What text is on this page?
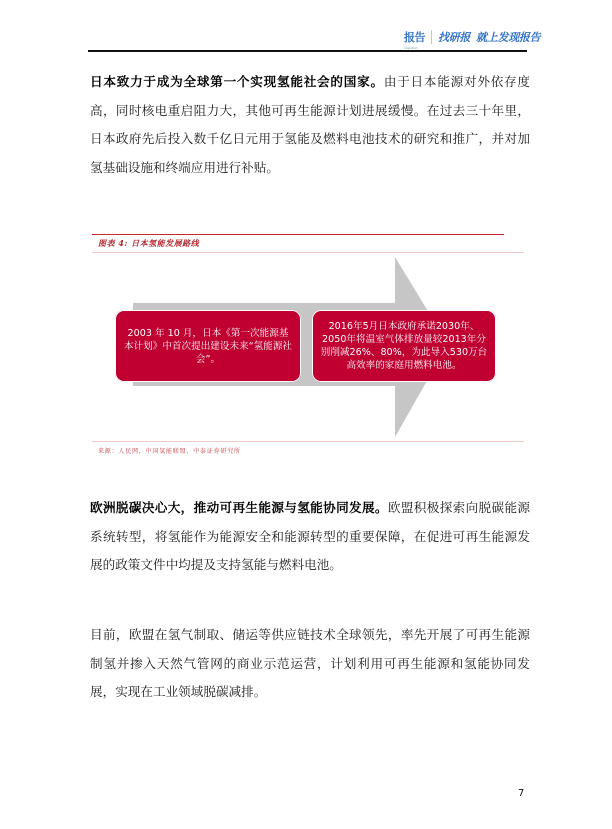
报告
mreport.com
找研报 就上发现报告

日本致力于成为全球第一个实现氢能社会的国家。由于日本能源对外依存度高，同时核电重启阻力大，其他可再生能源计划进展缓慢。在过去三十年里，日本政府先后投入数千亿日元用于氢能及燃料电池技术的研究和推广，并对加氢基础设施和终端应用进行补贴。

图表 4: 日本氢能发展路线
2003 年 10 月，日本《第一次能源基本计划》中首次提出建设未来“氢能源社会”。
2016年5月日本政府承诺2030年、2050年将温室气体排放量较2013年分别削减26%、80%，为此导入530万台高效率的家庭用燃料电池。
来源：人民网，中国氢能联盟，中泰证券研究所

欧洲脱碳决心大，推动可再生能源与氢能协同发展。欧盟积极探索向脱碳能源系统转型，将氢能作为能源安全和能源转型的重要保障，在促进可再生能源发展的政策文件中均提及支持氢能与燃料电池。

目前，欧盟在氢气制取、储运等供应链技术全球领先，率先开展了可再生能源制氢并掺入天然气管网的商业示范运营，计划利用可再生能源和氢能协同发展，实现在工业领域脱碳减排。

7
